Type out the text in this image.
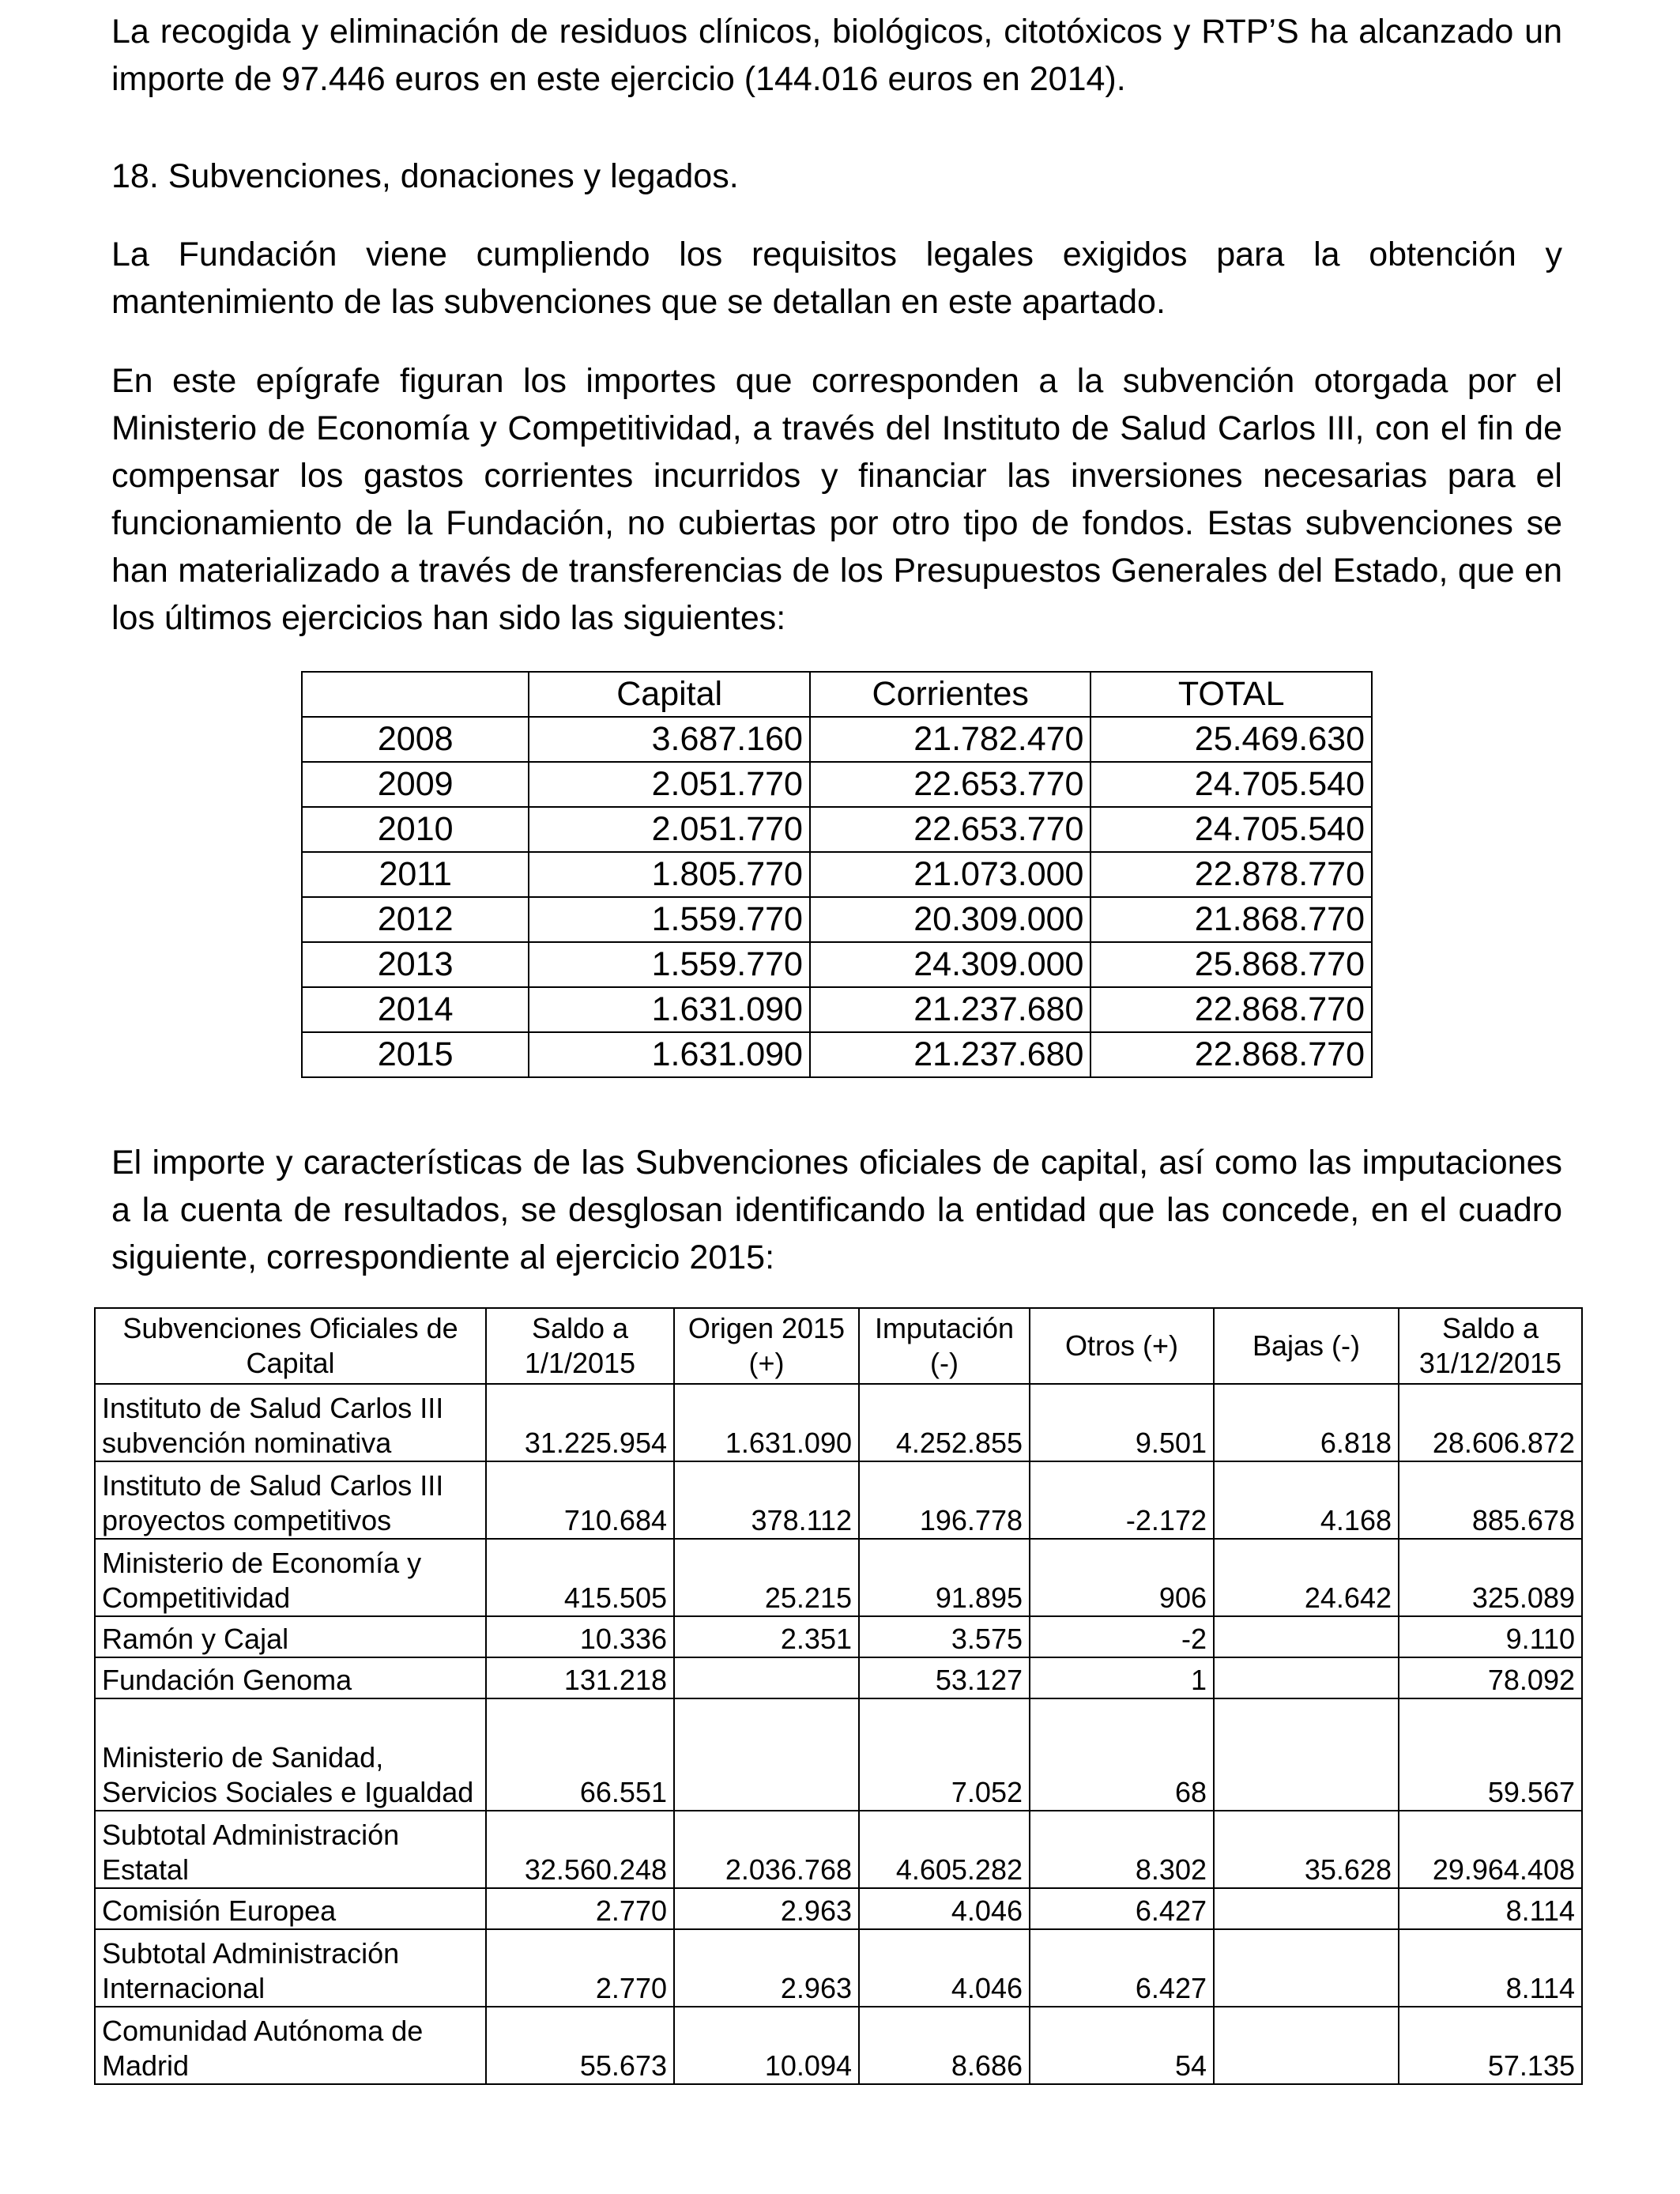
La recogida y eliminación de residuos clínicos, biológicos, citotóxicos y RTP’S ha alcanzado un importe de 97.446 euros en este ejercicio (144.016 euros en 2014).

18. Subvenciones, donaciones y legados.

La Fundación viene cumpliendo los requisitos legales exigidos para la obtención y mantenimiento de las subvenciones que se detallan en este apartado.

En este epígrafe figuran los importes que corresponden a la subvención otorgada por el Ministerio de Economía y Competitividad, a través del Instituto de Salud Carlos III, con el fin de compensar los gastos corrientes incurridos y financiar las inversiones necesarias para el funcionamiento de la Fundación, no cubiertas por otro tipo de fondos. Estas subvenciones se han materializado a través de transferencias de los Presupuestos Generales del Estado, que en los últimos ejercicios han sido las siguientes:

	Capital	Corrientes	TOTAL
2008	3.687.160	21.782.470	25.469.630
2009	2.051.770	22.653.770	24.705.540
2010	2.051.770	22.653.770	24.705.540
2011	1.805.770	21.073.000	22.878.770
2012	1.559.770	20.309.000	21.868.770
2013	1.559.770	24.309.000	25.868.770
2014	1.631.090	21.237.680	22.868.770
2015	1.631.090	21.237.680	22.868.770

El importe y características de las Subvenciones oficiales de capital, así como las imputaciones a la cuenta de resultados, se desglosan identificando la entidad que las concede, en el cuadro siguiente, correspondiente al ejercicio 2015:

Subvenciones Oficiales de Capital	Saldo a 1/1/2015	Origen 2015 (+)	Imputación (-)	Otros (+)	Bajas (-)	Saldo a 31/12/2015
Instituto de Salud Carlos III subvención nominativa	31.225.954	1.631.090	4.252.855	9.501	6.818	28.606.872
Instituto de Salud Carlos III proyectos competitivos	710.684	378.112	196.778	-2.172	4.168	885.678
Ministerio de Economía y Competitividad	415.505	25.215	91.895	906	24.642	325.089
Ramón y Cajal	10.336	2.351	3.575	-2		9.110
Fundación Genoma	131.218		53.127	1		78.092
Ministerio de Sanidad, Servicios Sociales e Igualdad	66.551		7.052	68		59.567
Subtotal Administración Estatal	32.560.248	2.036.768	4.605.282	8.302	35.628	29.964.408
Comisión Europea	2.770	2.963	4.046	6.427		8.114
Subtotal Administración Internacional	2.770	2.963	4.046	6.427		8.114
Comunidad Autónoma de Madrid	55.673	10.094	8.686	54		57.135
